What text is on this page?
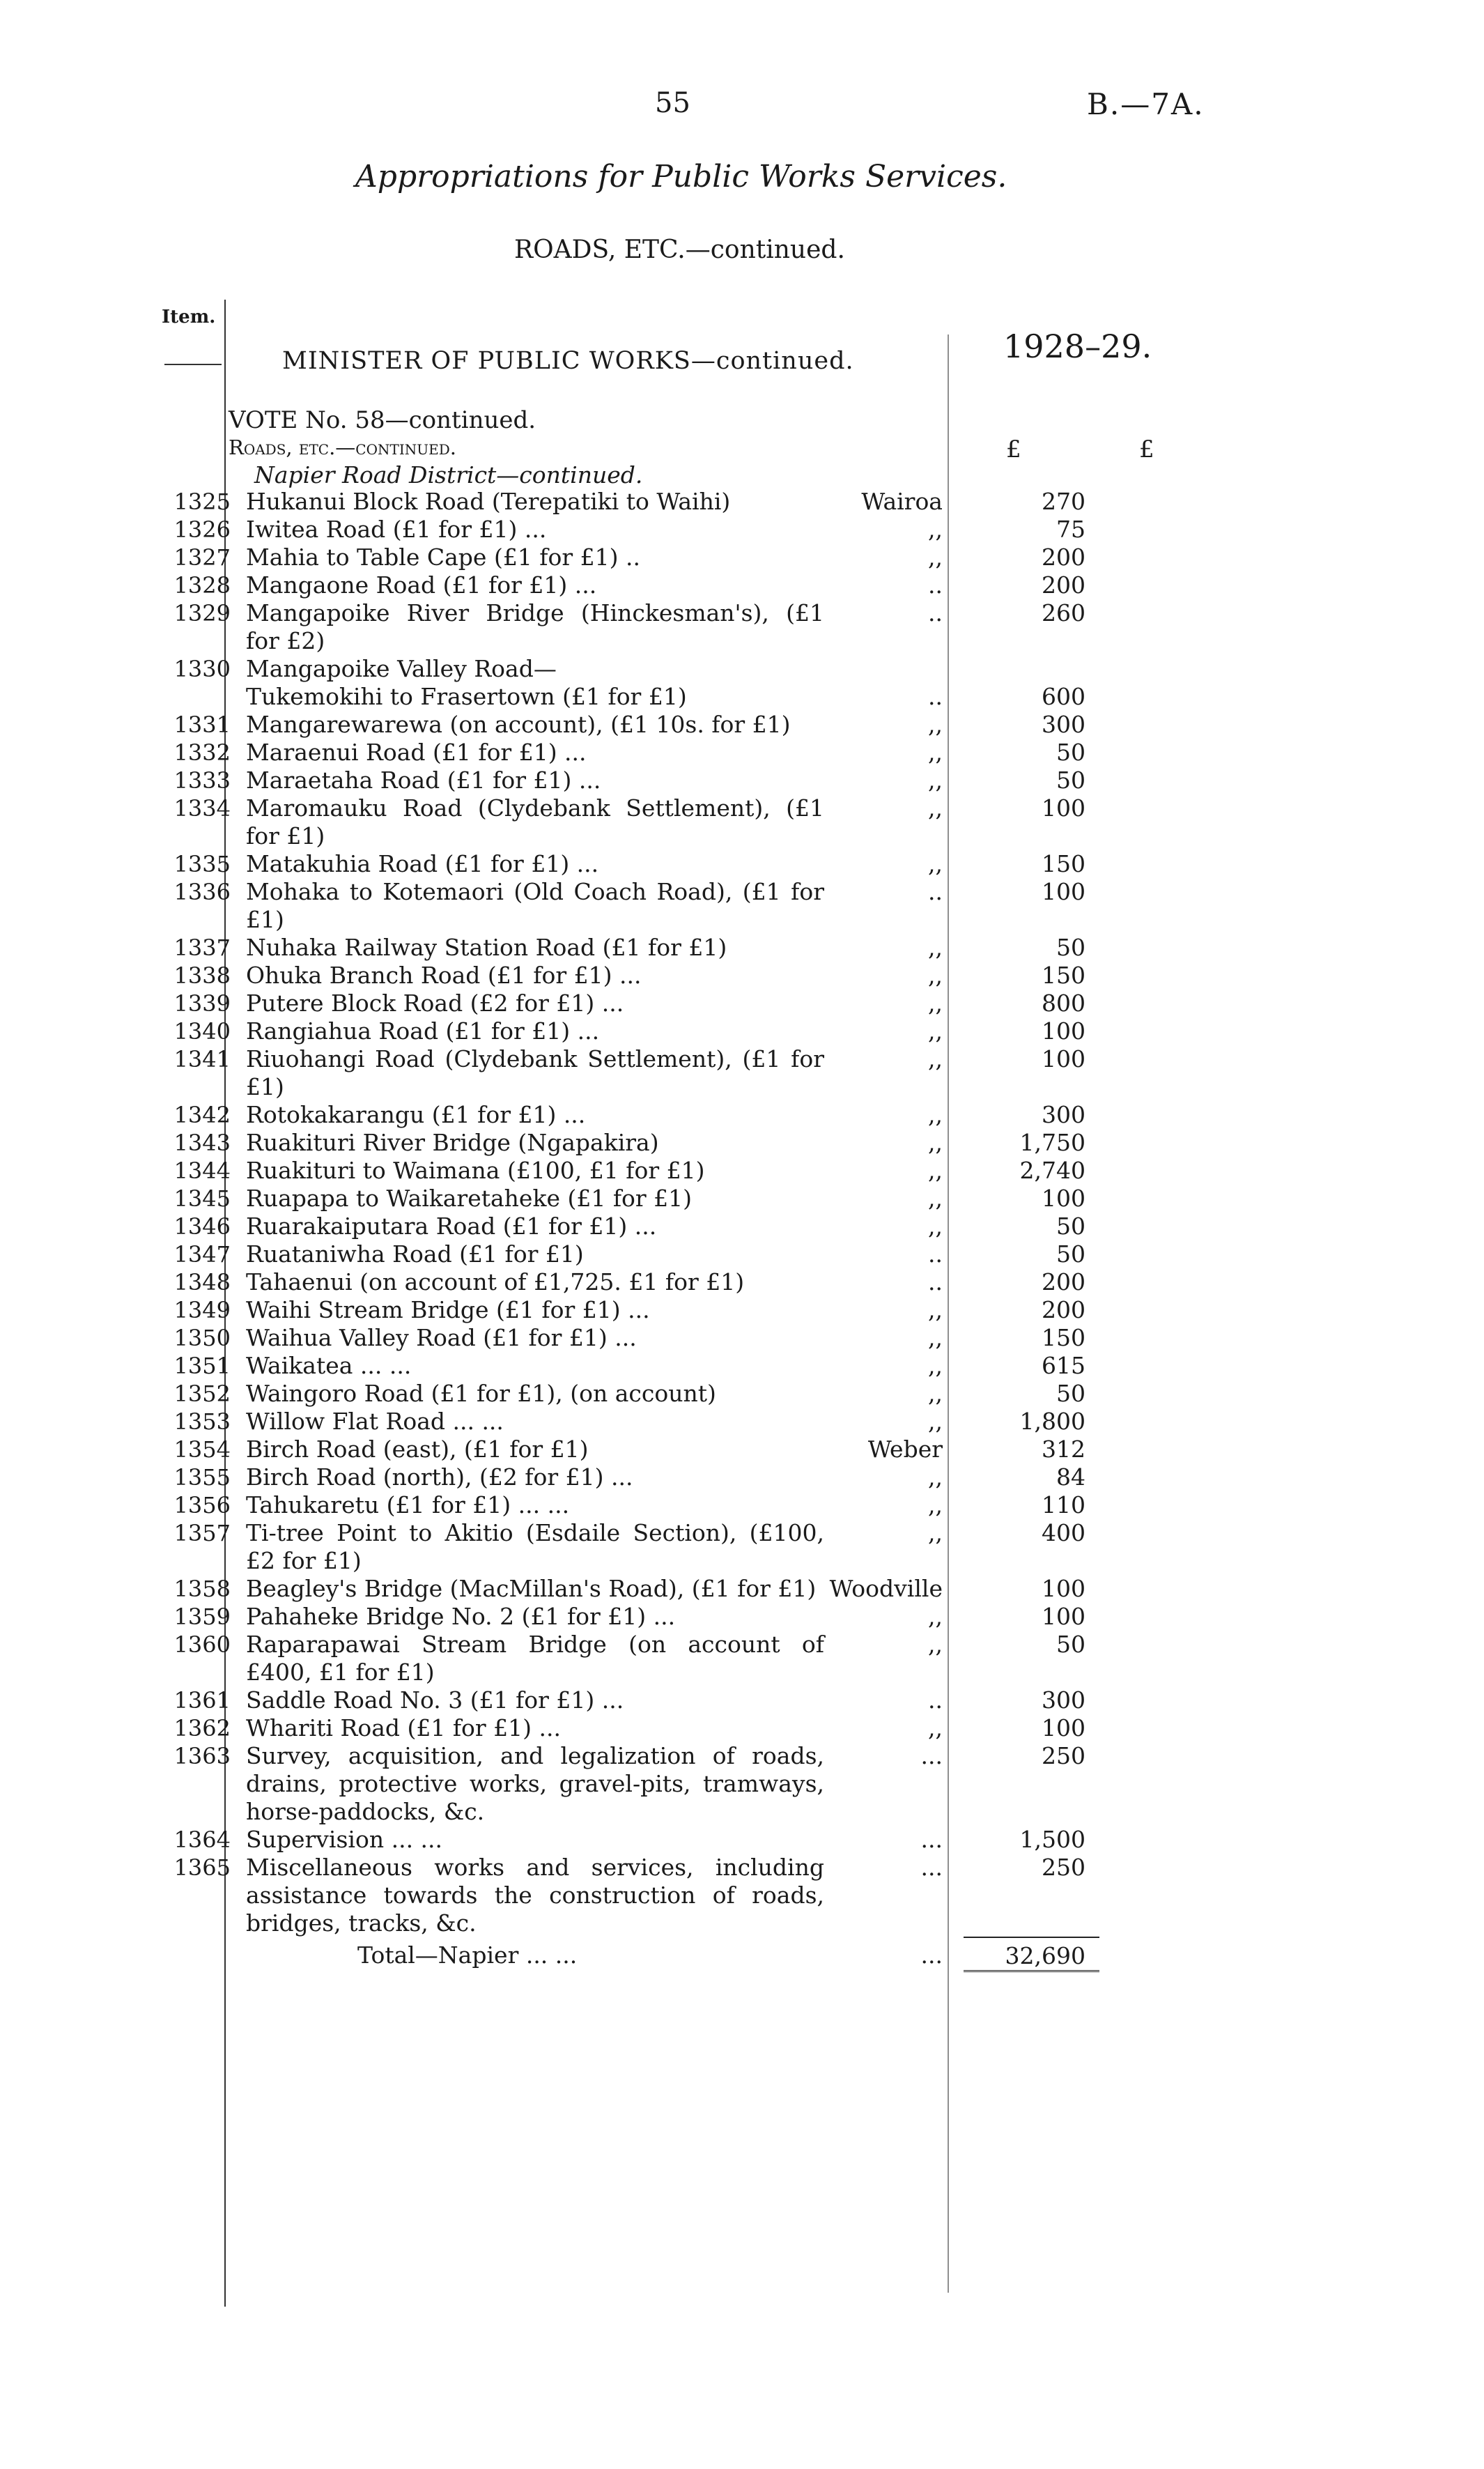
55	B.—7A.
Appropriations for Public Works Services.
ROADS, ETC.—continued.
Item.
MINISTER OF PUBLIC WORKS—continued.	1928–29.
VOTE No. 58—continued.
Roads, etc.—continued.
Napier Road District—continued.
£	£
1325	Hukanui Block Road (Terepatiki to Waihi)	Wairoa	270
1326	Iwitea Road (£1 for £1) ...	,,	75
1327	Mahia to Table Cape (£1 for £1) ..	,,	200
1328	Mangaone Road (£1 for £1) ...	..	200
1329	Mangapoike River Bridge (Hinckesman's), (£1 for £2)	..	260
1330	Mangapoike Valley Road—		
	Tukemokihi to Frasertown (£1 for £1)	..	600
1331	Mangarewarewa (on account), (£1 10s. for £1)	,,	300
1332	Maraenui Road (£1 for £1) ...	,,	50
1333	Maraetaha Road (£1 for £1) ...	,,	50
1334	Maromauku Road (Clydebank Settlement), (£1 for £1)	,,	100
1335	Matakuhia Road (£1 for £1) ...	,,	150
1336	Mohaka to Kotemaori (Old Coach Road), (£1 for £1)	..	100
1337	Nuhaka Railway Station Road (£1 for £1)	,,	50
1338	Ohuka Branch Road (£1 for £1) ...	,,	150
1339	Putere Block Road (£2 for £1) ...	,,	800
1340	Rangiahua Road (£1 for £1) ...	,,	100
1341	Riuohangi Road (Clydebank Settlement), (£1 for £1)	,,	100
1342	Rotokakarangu (£1 for £1) ...	,,	300
1343	Ruakituri River Bridge (Ngapakira)	,,	1,750
1344	Ruakituri to Waimana (£100, £1 for £1)	,,	2,740
1345	Ruapapa to Waikaretaheke (£1 for £1)	,,	100
1346	Ruarakaiputara Road (£1 for £1) ...	,,	50
1347	Ruataniwha Road (£1 for £1)	..	50
1348	Tahaenui (on account of £1,725. £1 for £1)	..	200
1349	Waihi Stream Bridge (£1 for £1) ...	,,	200
1350	Waihua Valley Road (£1 for £1) ...	,,	150
1351	Waikatea ... ...	,,	615
1352	Waingoro Road (£1 for £1), (on account)	,,	50
1353	Willow Flat Road ... ...	,,	1,800
1354	Birch Road (east), (£1 for £1)	Weber	312
1355	Birch Road (north), (£2 for £1) ...	,,	84
1356	Tahukaretu (£1 for £1) ... ...	,,	110
1357	Ti-tree Point to Akitio (Esdaile Section), (£100, £2 for £1)	,,	400
1358	Beagley's Bridge (MacMillan's Road), (£1 for £1)	Woodville	100
1359	Pahaheke Bridge No. 2 (£1 for £1) ...	,,	100
1360	Raparapawai Stream Bridge (on account of £400, £1 for £1)	,,	50
1361	Saddle Road No. 3 (£1 for £1) ...	..	300
1362	Whariti Road (£1 for £1) ...	,,	100
1363	Survey, acquisition, and legalization of roads, drains, protective works, gravel-pits, tramways, horse-paddocks, &c.	...	250
1364	Supervision ... ...	...	1,500
1365	Miscellaneous works and services, including assistance towards the construction of roads, bridges, tracks, &c.	...	250
	Total—Napier ... ...	...	32,690
